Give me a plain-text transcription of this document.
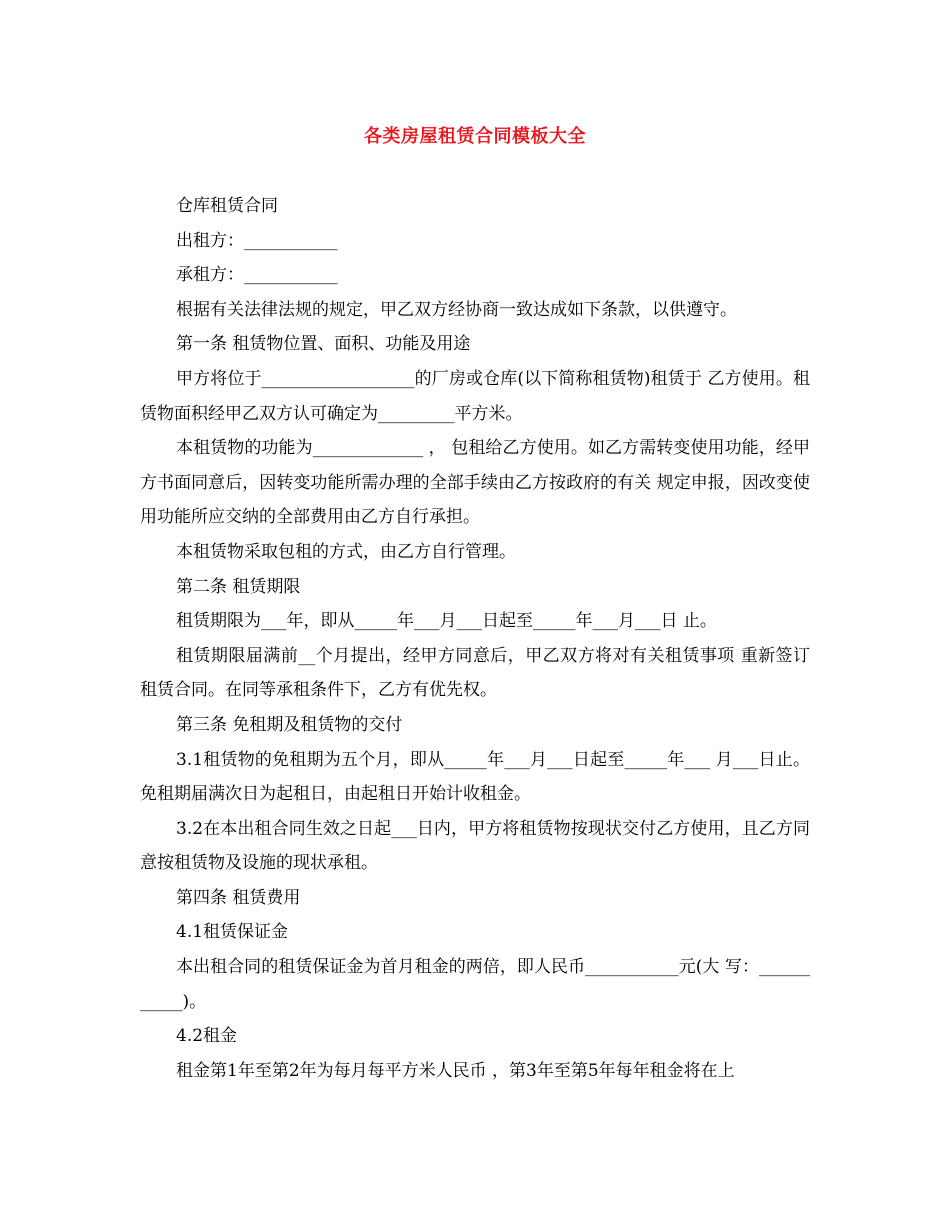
各类房屋租赁合同模板大全

仓库租赁合同

出租方：___________

承租方：___________

根据有关法律法规的规定，甲乙双方经协商一致达成如下条款，以供遵守。

第一条 租赁物位置、面积、功能及用途

甲方将位于__________________的厂房或仓库(以下简称租赁物)租赁于 乙方使用。租赁物面积经甲乙双方认可确定为_________平方米。

本租赁物的功能为_____________ ， 包租给乙方使用。如乙方需转变使用功能，经甲方书面同意后，因转变功能所需办理的全部手续由乙方按政府的有关 规定申报，因改变使用功能所应交纳的全部费用由乙方自行承担。

本租赁物采取包租的方式，由乙方自行管理。

第二条 租赁期限

租赁期限为___年，即从_____年___月___日起至_____年___月___日 止。

租赁期限届满前__个月提出，经甲方同意后，甲乙双方将对有关租赁事项 重新签订租赁合同。在同等承租条件下，乙方有优先权。

第三条 免租期及租赁物的交付

3.1租赁物的免租期为五个月，即从_____年___月___日起至_____年___ 月___日止。免租期届满次日为起租日，由起租日开始计收租金。

3.2在本出租合同生效之日起___日内，甲方将租赁物按现状交付乙方使用，且乙方同意按租赁物及设施的现状承租。

第四条 租赁费用

4.1租赁保证金

本出租合同的租赁保证金为首月租金的两倍，即人民币___________元(大 写：___________)。

4.2租金

租金第1年至第2年为每月每平方米人民币 ，第3年至第5年每年租金将在上
